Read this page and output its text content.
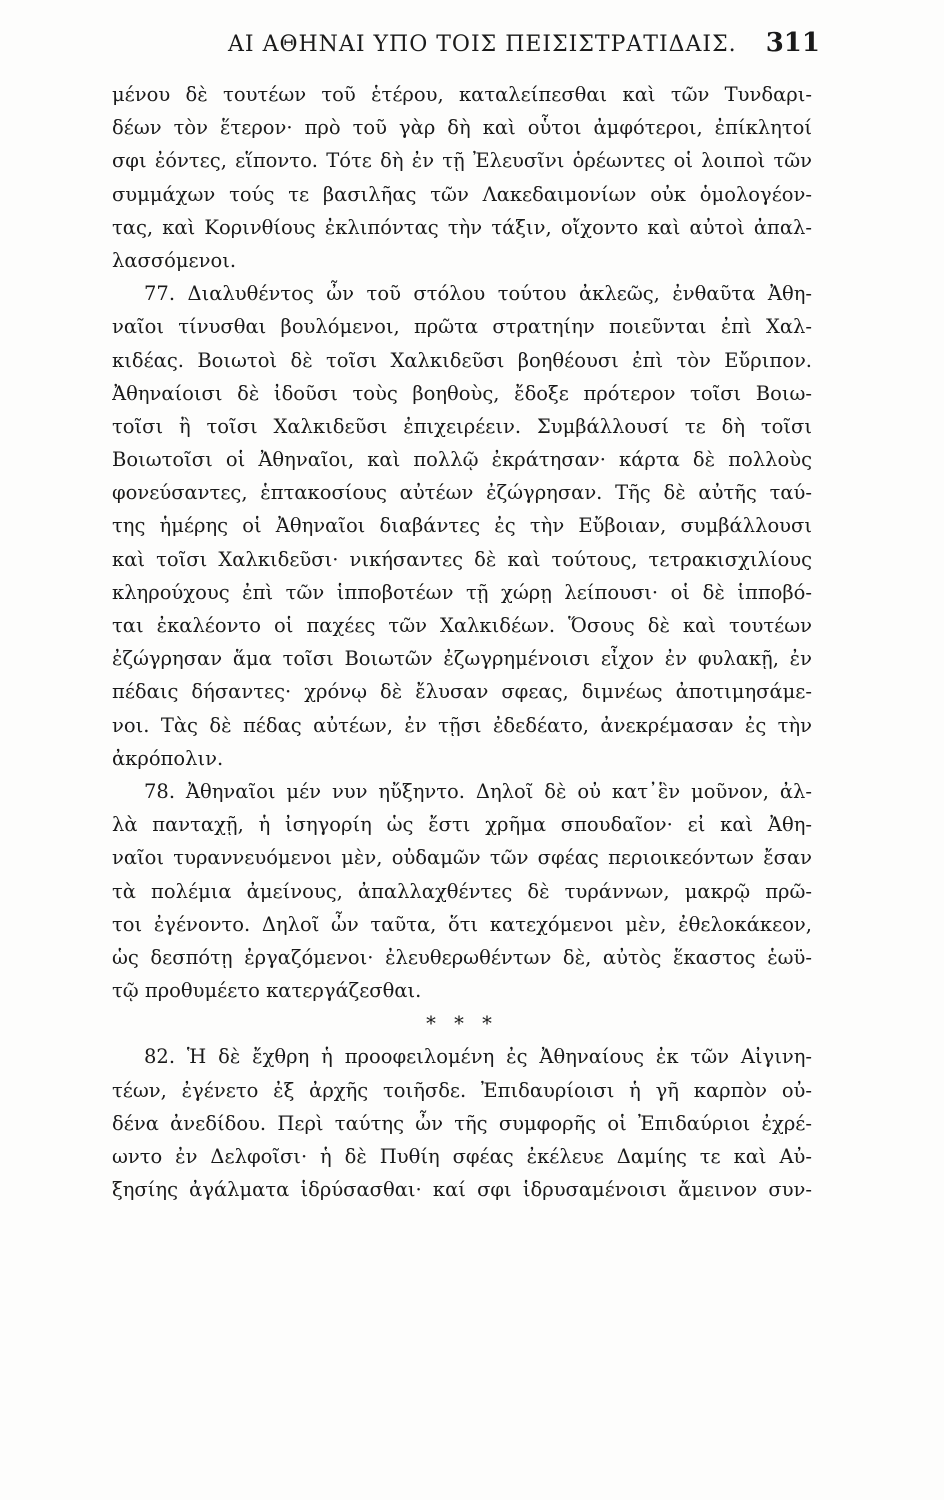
ΑΙ ΑΘΗΝΑΙ ΥΠΟ ΤΟΙΣ ΠΕΙΣΙΣΤΡΑΤΙΔΑΙΣ. 311
μένου δὲ τουτέων τοῦ ἑτέρου, καταλείπεσθαι καὶ τῶν Τυνδαρι-
δέων τὸν ἕτερον· πρὸ τοῦ γὰρ δὴ καὶ οὗτοι ἀμφότεροι, ἐπίκλητοί
σφι ἐόντες, εἵποντο. Τότε δὴ ἐν τῇ Ἐλευσῖνι ὁρέωντες οἱ λοιποὶ τῶν
συμμάχων τούς τε βασιλῆας τῶν Λακεδαιμονίων οὐκ ὁμολογέον-
τας, καὶ Κορινθίους ἐκλιπόντας τὴν τάξιν, οἴχοντο καὶ αὐτοὶ ἀπαλ-
λασσόμενοι.
77. Διαλυθέντος ὦν τοῦ στόλου τούτου ἀκλεῶς, ἐνθαῦτα Ἀθη-
ναῖοι τίνυσθαι βουλόμενοι, πρῶτα στρατηίην ποιεῦνται ἐπὶ Χαλ-
κιδέας. Βοιωτοὶ δὲ τοῖσι Χαλκιδεῦσι βοηθέουσι ἐπὶ τὸν Εὔριπον.
Ἀθηναίοισι δὲ ἰδοῦσι τοὺς βοηθοὺς, ἔδοξε πρότερον τοῖσι Βοιω-
τοῖσι ἢ τοῖσι Χαλκιδεῦσι ἐπιχειρέειν. Συμβάλλουσί τε δὴ τοῖσι
Βοιωτοῖσι οἱ Ἀθηναῖοι, καὶ πολλῷ ἐκράτησαν· κάρτα δὲ πολλοὺς
φονεύσαντες, ἑπτακοσίους αὐτέων ἐζώγρησαν. Τῆς δὲ αὐτῆς ταύ-
της ἡμέρης οἱ Ἀθηναῖοι διαβάντες ἐς τὴν Εὔβοιαν, συμβάλλουσι
καὶ τοῖσι Χαλκιδεῦσι· νικήσαντες δὲ καὶ τούτους, τετρακισχιλίους
κληρούχους ἐπὶ τῶν ἱπποβοτέων τῇ χώρῃ λείπουσι· οἱ δὲ ἱπποβό-
ται ἐκαλέοντο οἱ παχέες τῶν Χαλκιδέων. Ὅσους δὲ καὶ τουτέων
ἐζώγρησαν ἅμα τοῖσι Βοιωτῶν ἐζωγρημένοισι εἶχον ἐν φυλακῇ, ἐν
πέδαις δήσαντες· χρόνῳ δὲ ἔλυσαν σφεας, διμνέως ἀποτιμησάμε-
νοι. Τὰς δὲ πέδας αὐτέων, ἐν τῇσι ἐδεδέατο, ἀνεκρέμασαν ἐς τὴν
ἀκρόπολιν.
78. Ἀθηναῖοι μέν νυν ηὔξηντο. Δηλοῖ δὲ οὐ κατ᾽ἓν μοῦνον, ἀλ-
λὰ πανταχῇ, ἡ ἰσηγορίη ὡς ἔστι χρῆμα σπουδαῖον· εἰ καὶ Ἀθη-
ναῖοι τυραννευόμενοι μὲν, οὐδαμῶν τῶν σφέας περιοικεόντων ἔσαν
τὰ πολέμια ἀμείνους, ἀπαλλαχθέντες δὲ τυράννων, μακρῷ πρῶ-
τοι ἐγένοντο. Δηλοῖ ὦν ταῦτα, ὅτι κατεχόμενοι μὲν, ἐθελοκάκεον,
ὡς δεσπότῃ ἐργαζόμενοι· ἐλευθερωθέντων δὲ, αὐτὸς ἕκαστος ἑωϋ-
τῷ προθυμέετο κατεργάζεσθαι.
* * *
82. Ἡ δὲ ἔχθρη ἡ προοφειλομένη ἐς Ἀθηναίους ἐκ τῶν Αἰγινη-
τέων, ἐγένετο ἐξ ἀρχῆς τοιῆσδε. Ἐπιδαυρίοισι ἡ γῆ καρπὸν οὐ-
δένα ἀνεδίδου. Περὶ ταύτης ὦν τῆς συμφορῆς οἱ Ἐπιδαύριοι ἐχρέ-
ωντο ἐν Δελφοῖσι· ἡ δὲ Πυθίη σφέας ἐκέλευε Δαμίης τε καὶ Αὐ-
ξησίης ἀγάλματα ἱδρύσασθαι· καί σφι ἱδρυσαμένοισι ἄμεινον συν-
